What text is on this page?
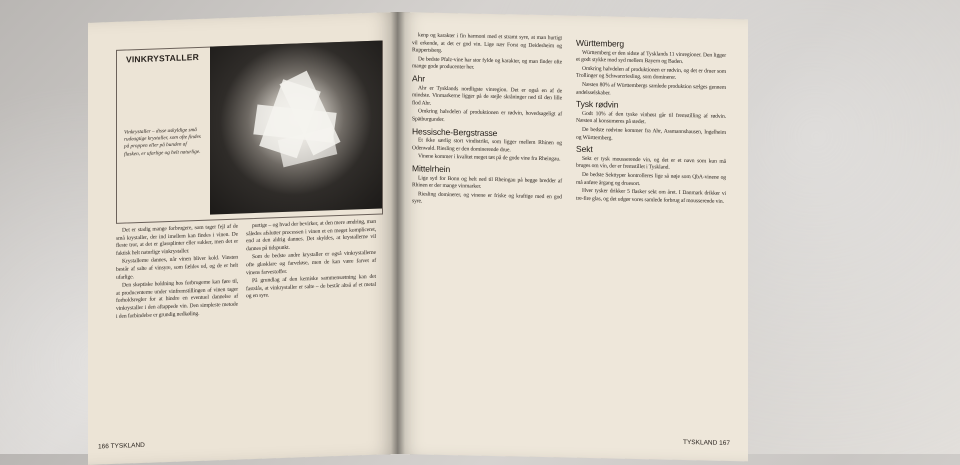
VINKRYSTALLER
Vinkrystaller – disse uskyldige små rudeagtige krystaller, som ofte findes på proppen eller på bunden af flasken, er ufarlige og helt naturlige.

Det er stadig mange forbrugere, som tager fejl af de små krystaller, der ind imellem kan findes i vinen. De fleste tror, at det er glassplinter eller sukker, men det er faktisk helt naturlige vinkrystaller.

Krystallerne dannes, når vinen bliver kold. Vinsten består af salte af vinsyre, som fældes ud, og de er helt ufarlige.

Den skeptiske holdning hos forbrugerne kan føre til, at producenterne under vinfremstillingen af vinen tager forholdsregler for at hindre en eventuel dannelse af vinkrystaller i den aftappede vin. Den simpleste metode i den forbindelse er grundig nedkøling.

purtige – og hvad der bevirker, at den mere ændring, man således afslutter processen i vinen et en meget kompliceret, end at den aldrig dannes. Det skyldes, at krystallerne vil dannes på tidspunkt.

Som de bedste andre krystaller er også vinkrystallerne ofte glasklare og farveløse, men de kan være farvet af vinens farvestoffer.

På grundlag af den kemiske sammensætning kan det fastslås, at vinkrystaller er salte – de består altså af et metal og en syre.

166 TYSKLAND

kenp og karakter i fin harmoni med et stramt syre, at man hurtigt vil erkende, at det er god vin. Lige nær Forst og Deidesheim og Ruppertsberg.

De bedste Pfalz-vine har stor fylde og karakter, og man finder ofte mange gode producenter her.

Ahr

Ahr er Tysklands nordligste vinregion. Det er også en af de mindste. Vinmarkerne ligger på de stejle skråninger ned til den lille flod Ahr.

Omkring halvdelen af produktionen er rødvin, hovedsageligt af Spätburgunder.

Hessische-Bergstrasse

Et ikke særlig stort vindistrikt, som ligger mellem Rhinen og Odenwald. Riesling er den dominerende drue.

Vinene kommer i kvalitet meget tæt på de gode vine fra Rheingau.

Mittelrhein

Lige syd for Bonn og helt ned til Rheingau på begge bredder af Rhinen er der mange vinmarker.

Riesling dominerer, og vinene er friske og kraftige med en god syre.

Württemberg

Württemberg er den sidste af Tysklands 11 vinregioner. Den ligger et godt stykke mod syd mellem Bayern og Baden.

Omkring halvdelen af produktionen er rødvin, og det er druer som Trollinger og Schwarzriesling, som dominerer.

Næsten 80% af Württembergs samlede produktion sælges gennem andelsselskaber.

Tysk rødvin

Godt 10% af den tyske vinhøst går til fremstilling af rødvin. Næsten al konsumeres på stedet.

De bedste rødvine kommer fra Ahr, Assmannshausen, Ingelheim og Württemberg.

Sekt

Sekt er tysk mousserende vin, og det er et navn som kun må bruges om vin, der er fremstillet i Tyskland.

De bedste Sekttyper kontrolleres lige så nøje som QbA-vinene og må anføre årgang og druesort.

Hver tysker drikker 5 flasker sekt om året. I Danmark drikker vi tre-fire glas, og det udgør vores samlede forbrug af mousserende vin.

TYSKLAND 167
